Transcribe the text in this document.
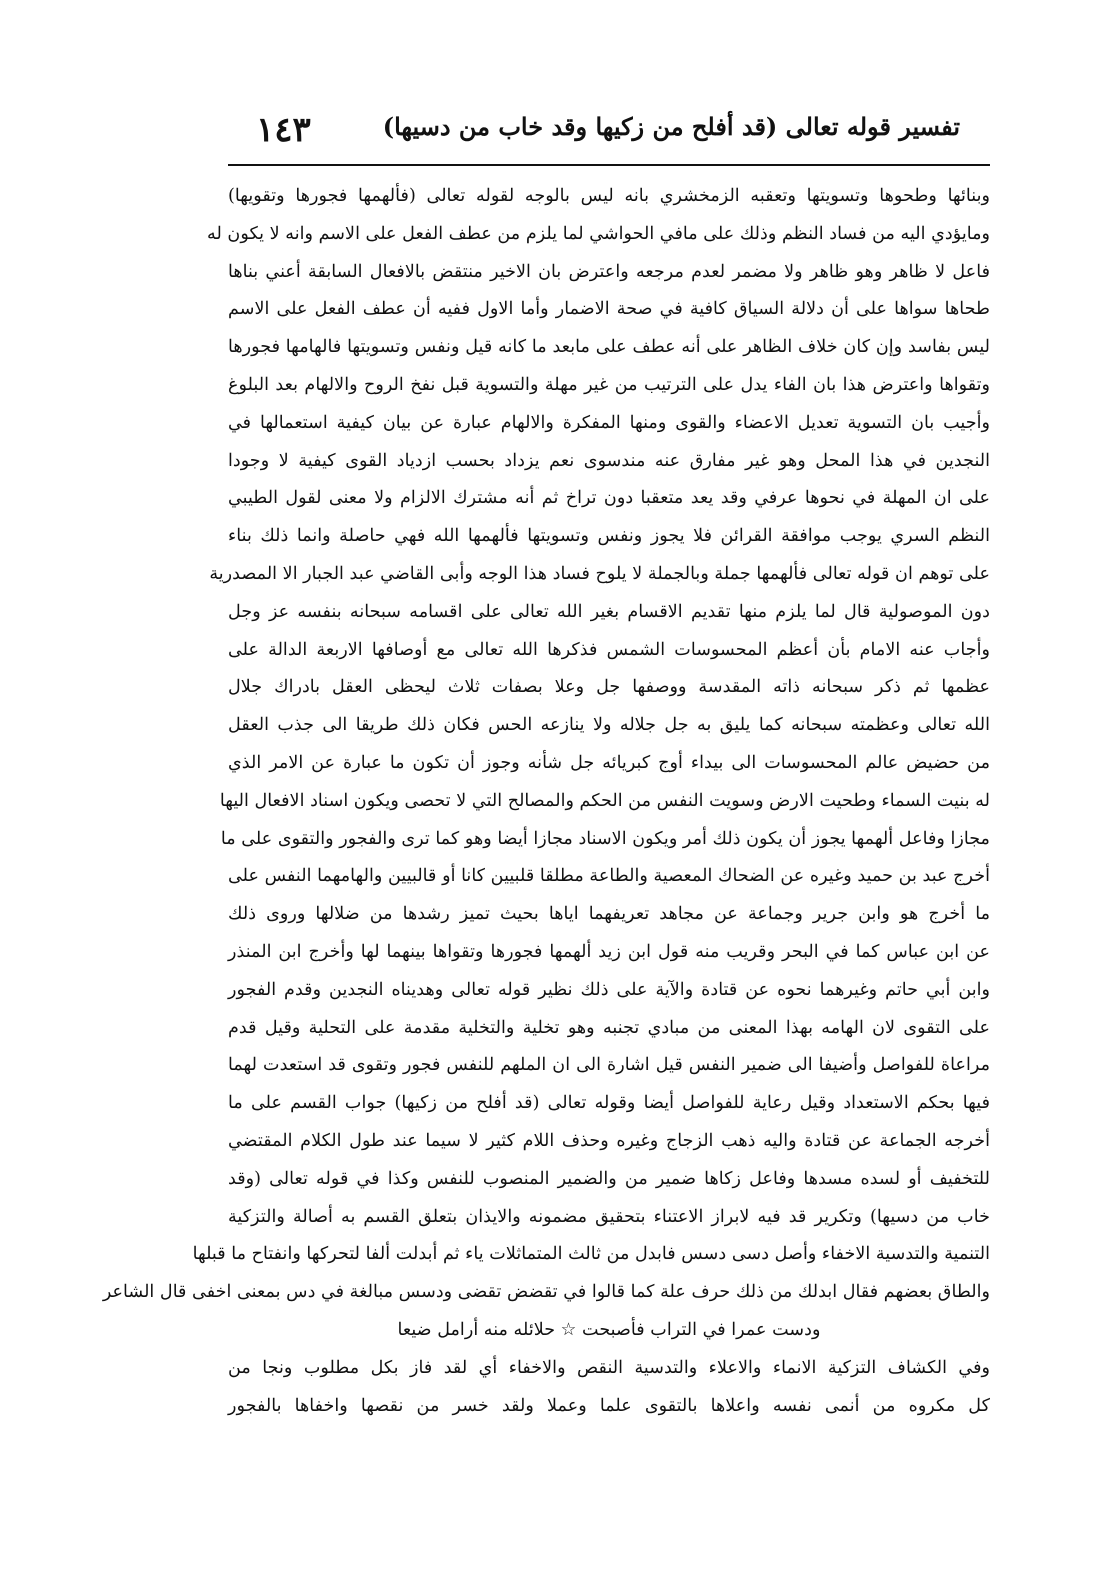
١٤٣	تفسير قوله تعالى (قد أفلح من زكيها وقد خاب من دسيها)
وبنائها وطحوها وتسويتها وتعقبه الزمخشري بانه ليس بالوجه لقوله تعالى (فألهمها فجورها وتقويها)
ومايؤدي اليه من فساد النظم وذلك على مافي الحواشي لما يلزم من عطف الفعل على الاسم وانه لا يكون له
فاعل لا ظاهر وهو ظاهر ولا مضمر لعدم مرجعه واعترض بان الاخير منتقض بالافعال السابقة أعني بناها
طحاها سواها على أن دلالة السياق كافية في صحة الاضمار وأما الاول ففيه أن عطف الفعل على الاسم
ليس بفاسد وإن كان خلاف الظاهر على أنه عطف على مابعد ما كانه قيل ونفس وتسويتها فالهامها فجورها
وتقواها واعترض هذا بان الفاء يدل على الترتيب من غير مهلة والتسوية قبل نفخ الروح والالهام بعد البلوغ
وأجيب بان التسوية تعديل الاعضاء والقوى ومنها المفكرة والالهام عبارة عن بيان كيفية استعمالها في
النجدين في هذا المحل وهو غير مفارق عنه مندسوى نعم يزداد بحسب ازدياد القوى كيفية لا وجودا
على ان المهلة في نحوها عرفي وقد يعد متعقبا دون تراخ ثم أنه مشترك الالزام ولا معنى لقول الطيبي
النظم السري يوجب موافقة القرائن فلا يجوز ونفس وتسويتها فألهمها الله فهي حاصلة وانما ذلك بناء
على توهم ان قوله تعالى فألهمها جملة وبالجملة لا يلوح فساد هذا الوجه وأبى القاضي عبد الجبار الا المصدرية
دون الموصولية قال لما يلزم منها تقديم الاقسام بغير الله تعالى على اقسامه سبحانه بنفسه عز وجل
وأجاب عنه الامام بأن أعظم المحسوسات الشمس فذكرها الله تعالى مع أوصافها الاربعة الدالة على
عظمها ثم ذكر سبحانه ذاته المقدسة ووصفها جل وعلا بصفات ثلاث ليحظى العقل بادراك جلال
الله تعالى وعظمته سبحانه كما يليق به جل جلاله ولا ينازعه الحس فكان ذلك طريقا الى جذب العقل
من حضيض عالم المحسوسات الى بيداء أوج كبريائه جل شأنه وجوز أن تكون ما عبارة عن الامر الذي
له بنيت السماء وطحيت الارض وسويت النفس من الحكم والمصالح التي لا تحصى ويكون اسناد الافعال اليها
مجازا وفاعل ألهمها يجوز أن يكون ذلك أمر ويكون الاسناد مجازا أيضا وهو كما ترى والفجور والتقوى على ما
أخرج عبد بن حميد وغيره عن الضحاك المعصية والطاعة مطلقا قلبيين كانا أو قالبيين والهامهما النفس على
ما أخرج هو وابن جرير وجماعة عن مجاهد تعريفهما اياها بحيث تميز رشدها من ضلالها وروى ذلك
عن ابن عباس كما في البحر وقريب منه قول ابن زيد ألهمها فجورها وتقواها بينهما لها وأخرج ابن المنذر
وابن أبي حاتم وغيرهما نحوه عن قتادة والآية على ذلك نظير قوله تعالى وهديناه النجدين وقدم الفجور
على التقوى لان الهامه بهذا المعنى من مبادي تجنبه وهو تخلية والتخلية مقدمة على التحلية وقيل قدم
مراعاة للفواصل وأضيفا الى ضمير النفس قيل اشارة الى ان الملهم للنفس فجور وتقوى قد استعدت لهما
فيها بحكم الاستعداد وقيل رعاية للفواصل أيضا وقوله تعالى (قد أفلح من زكيها) جواب القسم على ما
أخرجه الجماعة عن قتادة واليه ذهب الزجاج وغيره وحذف اللام كثير لا سيما عند طول الكلام المقتضي
للتخفيف أو لسده مسدها وفاعل زكاها ضمير من والضمير المنصوب للنفس وكذا في قوله تعالى (وقد
خاب من دسيها) وتكرير قد فيه لابراز الاعتناء بتحقيق مضمونه والايذان بتعلق القسم به أصالة والتزكية
التنمية والتدسية الاخفاء وأصل دسى دسس فابدل من ثالث المتماثلات ياء ثم أبدلت ألفا لتحركها وانفتاح ما قبلها
والطاق بعضهم فقال ابدلك من ذلك حرف علة كما قالوا في تقضض تقضى ودسس مبالغة في دس بمعنى اخفى قال الشاعر
ودست عمرا في التراب فأصبحت ☆ حلائله منه أرامل ضيعا
وفي الكشاف التزكية الانماء والاعلاء والتدسية النقص والاخفاء أي لقد فاز بكل مطلوب ونجا من
كل مكروه من أنمى نفسه واعلاها بالتقوى علما وعملا ولقد خسر من نقصها واخفاها بالفجور
